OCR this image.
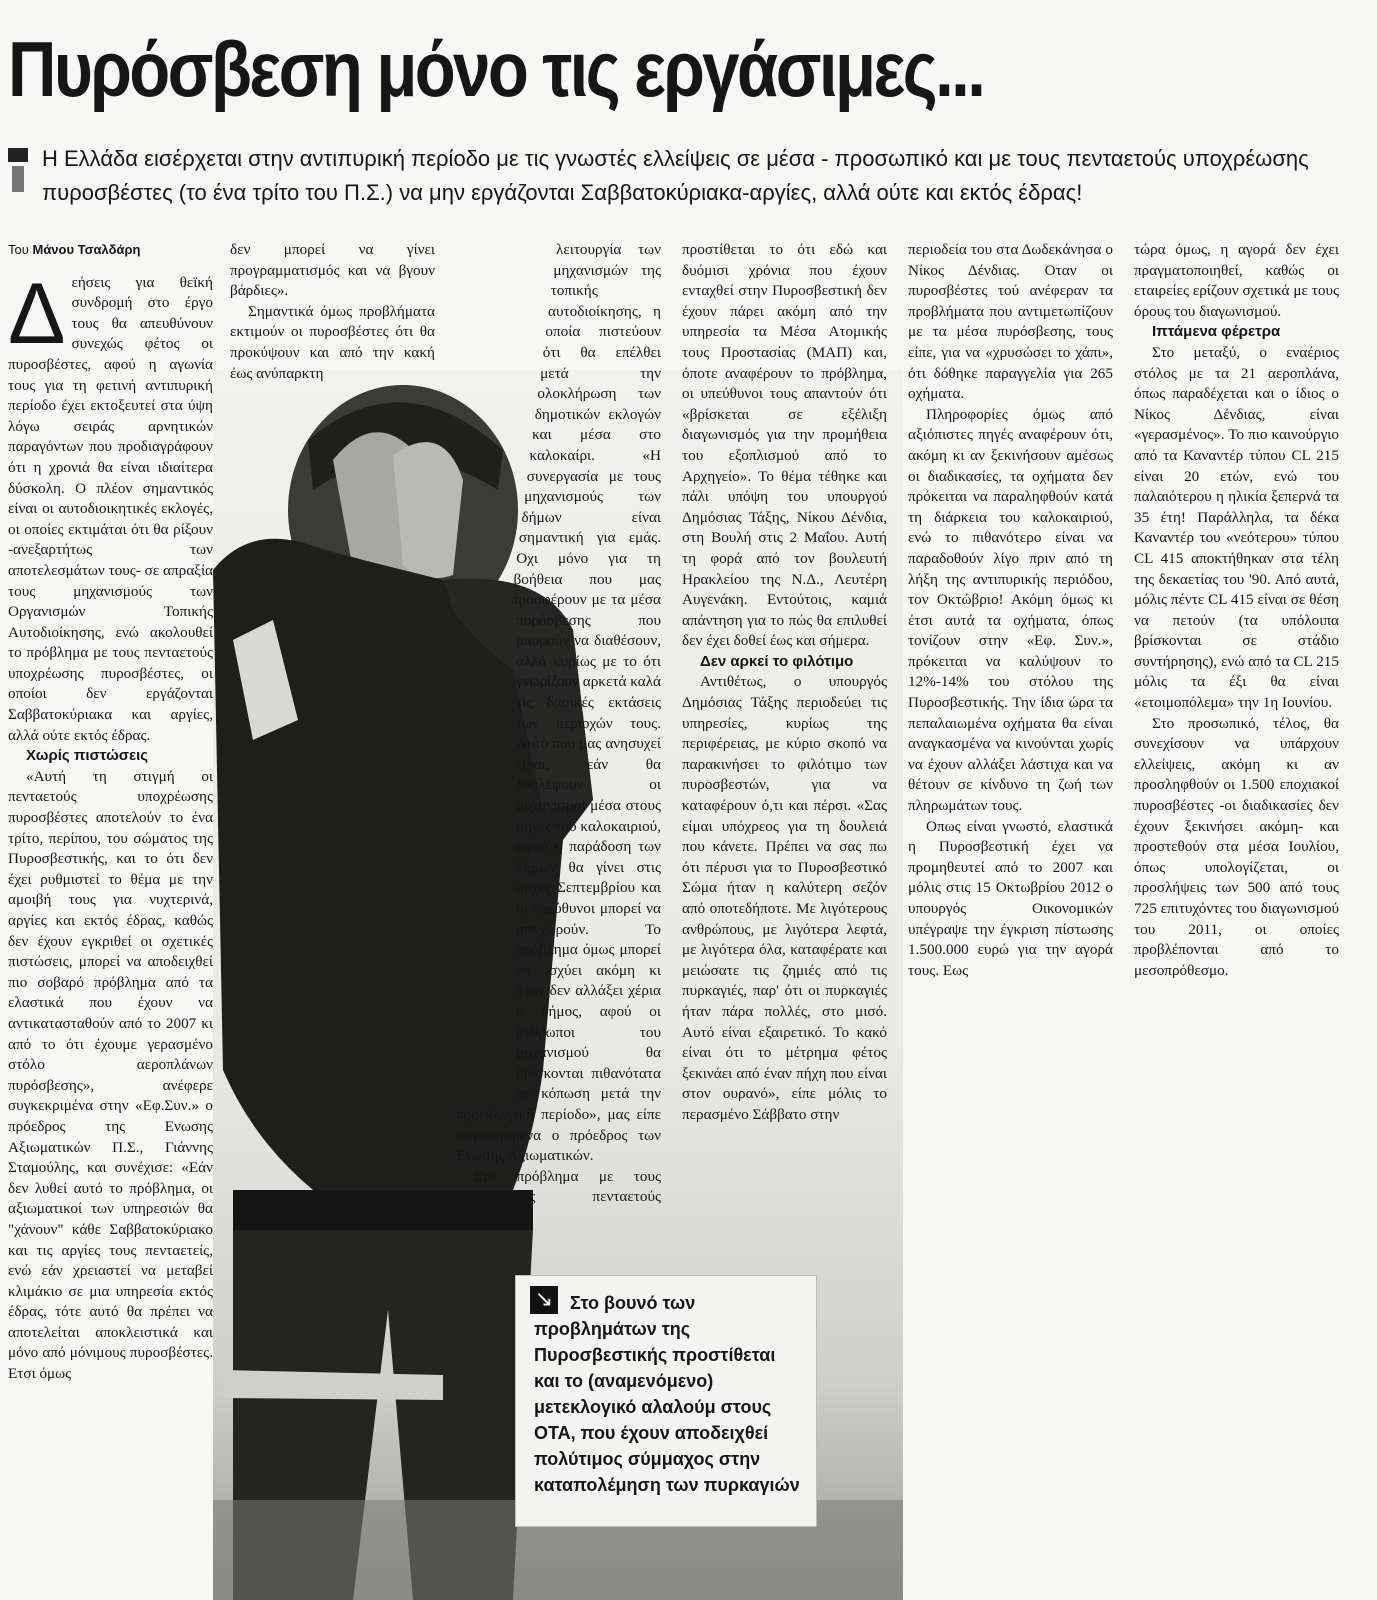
Πυρόσβεση μόνο τις εργάσιμες...

Η Ελλάδα εισέρχεται στην αντιπυρική περίοδο με τις γνωστές ελλείψεις σε μέσα - προσωπικό και με τους πενταετούς υποχρέωσης πυροσβέστες (το ένα τρίτο του Π.Σ.) να μην εργάζονται Σαββατοκύριακα-αργίες, αλλά ούτε και εκτός έδρας!

Του Μάνου Τσαλδάρη
Δ εήσεις για θεϊκή συνδρομή στο έργο τους θα απευθύνουν συνεχώς φέτος οι πυροσβέστες, αφού η αγωνία τους για τη φετινή αντιπυρική περίοδο έχει εκτοξευτεί στα ύψη λόγω σειράς αρνητικών παραγόντων που προδιαγράφουν ότι η χρονιά θα είναι ιδιαίτερα δύσκολη. Ο πλέον σημαντικός είναι οι αυτοδιοικητικές εκλογές, οι οποίες εκτιμάται ότι θα ρίξουν -ανεξαρτήτως των αποτελεσμάτων τους- σε απραξία τους μηχανισμούς των Οργανισμών Τοπικής Αυτοδιοίκησης, ενώ ακολουθεί το πρόβλημα με τους πενταετούς υποχρέωσης πυροσβέστες, οι οποίοι δεν εργάζονται Σαββατοκύριακα και αργίες, αλλά ούτε εκτός έδρας.

Χωρίς πιστώσεις

«Αυτή τη στιγμή οι πενταετούς υποχρέωσης πυροσβέστες αποτελούν το ένα τρίτο, περίπου, του σώματος της Πυροσβεστικής, και το ότι δεν έχει ρυθμιστεί το θέμα με την αμοιβή τους για νυχτερινά, αργίες και εκτός έδρας, καθώς δεν έχουν εγκριθεί οι σχετικές πιστώσεις, μπορεί να αποδειχθεί πιο σοβαρό πρόβλημα από τα ελαστικά που έχουν να αντικατασταθούν από το 2007 κι από το ότι έχουμε γερασμένο στόλο αεροπλάνων πυρόσβεσης», ανέφερε συγκεκριμένα στην «Εφ.Συν.» ο πρόεδρος της Ενωσης Αξιωματικών Π.Σ., Γιάννης Σταμούλης, και συνέχισε: «Εάν δεν λυθεί αυτό το πρόβλημα, οι αξιωματικοί των υπηρεσιών θα "χάνουν" κάθε Σαββατοκύριακο και τις αργίες τους πενταετείς, ενώ εάν χρειαστεί να μεταβεί κλιμάκιο σε μια υπηρεσία εκτός έδρας, τότε αυτό θα πρέπει να αποτελείται αποκλειστικά και μόνο από μόνιμους πυροσβέστες. Ετσι όμως

δεν μπορεί να γίνει προγραμματισμός και να βγουν βάρδιες».

Σημαντικά όμως προβλήματα εκτιμούν οι πυροσβέστες ότι θα προκύψουν και από την κακή έως ανύπαρκτη

λειτουργία των μηχανισμών της τοπικής αυτοδιοίκησης, η οποία πιστεύουν ότι θα επέλθει μετά την ολοκλήρωση των δημοτικών εκλογών και μέσα στο καλοκαίρι. «Η συνεργασία με τους μηχανισμούς των δήμων είναι σημαντική για εμάς. Οχι μόνο για τη βοήθεια που μας προσφέρουν με τα μέσα πυρόσβεσης που μπορούν να διαθέσουν, αλλά κυρίως με το ότι γνωρίζουν αρκετά καλά τις δασικές εκτάσεις των περιοχών τους. Αυτό που μας ανησυχεί είναι, εάν θα δουλέψουν οι μηχανισμοί μέσα στους μήνες του καλοκαιριού, αφού η παράδοση των δήμων θα γίνει στις αρχές Σεπτεμβρίου και οι υπεύθυνοι μπορεί να αποχωρούν. Το πρόβλημα όμως μπορεί να ισχύει ακόμη κι όταν δεν αλλάξει χέρια ο δήμος, αφού οι άνθρωποι του μηχανισμού θα βρίσκονται πιθανότατα σε κόπωση μετά την προεκλογική περίοδο», μας είπε συγκεκριμένα ο πρόεδρος των Ενωσης Αξιωματικών.

Στο πρόβλημα με τους πυροσβέστες πενταετούς υποχρέωσης

προστίθεται το ότι εδώ και δυόμισι χρόνια που έχουν ενταχθεί στην Πυροσβεστική δεν έχουν πάρει ακόμη από την υπηρεσία τα Μέσα Ατομικής τους Προστασίας (ΜΑΠ) και, όποτε αναφέρουν το πρόβλημα, οι υπεύθυνοι τους απαντούν ότι «βρίσκεται σε εξέλιξη διαγωνισμός για την προμήθεια του εξοπλισμού από το Αρχηγείο». Το θέμα τέθηκε και πάλι υπόψη του υπουργού Δημόσιας Τάξης, Νίκου Δένδια, στη Βουλή στις 2 Μαΐου. Αυτή τη φορά από τον βουλευτή Ηρακλείου της Ν.Δ., Λευτέρη Αυγενάκη. Εντούτοις, καμιά απάντηση για το πώς θα επιλυθεί δεν έχει δοθεί έως και σήμερα.

Δεν αρκεί το φιλότιμο

Αντιθέτως, ο υπουργός Δημόσιας Τάξης περιοδεύει τις υπηρεσίες, κυρίως της περιφέρειας, με κύριο σκοπό να παρακινήσει το φιλότιμο των πυροσβεστών, για να καταφέρουν ό,τι και πέρσι. «Σας είμαι υπόχρεος για τη δουλειά που κάνετε. Πρέπει να σας πω ότι πέρυσι για το Πυροσβεστικό Σώμα ήταν η καλύτερη σεζόν από οποτεδήποτε. Με λιγότερους ανθρώπους, με λιγότερα λεφτά, με λιγότερα όλα, καταφέρατε και μειώσατε τις ζημιές από τις πυρκαγιές, παρ' ότι οι πυρκαγιές ήταν πάρα πολλές, στο μισό. Αυτό είναι εξαιρετικό. Το κακό είναι ότι το μέτρημα φέτος ξεκινάει από έναν πήχη που είναι στον ουρανό», είπε μόλις το περασμένο Σάββατο στην

περιοδεία του στα Δωδεκάνησα ο Νίκος Δένδιας. Οταν οι πυροσβέστες τού ανέφεραν τα προβλήματα που αντιμετωπίζουν με τα μέσα πυρόσβεσης, τους είπε, για να «χρυσώσει το χάπι», ότι δόθηκε παραγγελία για 265 οχήματα.

Πληροφορίες όμως από αξιόπιστες πηγές αναφέρουν ότι, ακόμη κι αν ξεκινήσουν αμέσως οι διαδικασίες, τα οχήματα δεν πρόκειται να παραληφθούν κατά τη διάρκεια του καλοκαιριού, ενώ το πιθανότερο είναι να παραδοθούν λίγο πριν από τη λήξη της αντιπυρικής περιόδου, τον Οκτώβριο! Ακόμη όμως κι έτσι αυτά τα οχήματα, όπως τονίζουν στην «Εφ. Συν.», πρόκειται να καλύψουν το 12%-14% του στόλου της Πυροσβεστικής. Την ίδια ώρα τα πεπαλαιωμένα οχήματα θα είναι αναγκασμένα να κινούνται χωρίς να έχουν αλλάξει λάστιχα και να θέτουν σε κίνδυνο τη ζωή των πληρωμάτων τους.

Οπως είναι γνωστό, ελαστικά η Πυροσβεστική έχει να προμηθευτεί από το 2007 και μόλις στις 15 Οκτωβρίου 2012 ο υπουργός Οικονομικών υπέγραψε την έγκριση πίστωσης 1.500.000 ευρώ για την αγορά τους. Εως

τώρα όμως, η αγορά δεν έχει πραγματοποιηθεί, καθώς οι εταιρείες ερίζουν σχετικά με τους όρους του διαγωνισμού.

Ιπτάμενα φέρετρα

Στο μεταξύ, ο εναέριος στόλος με τα 21 αεροπλάνα, όπως παραδέχεται και ο ίδιος ο Νίκος Δένδιας, είναι «γερασμένος». Το πιο καινούργιο από τα Καναντέρ τύπου CL 215 είναι 20 ετών, ενώ του παλαιότερου η ηλικία ξεπερνά τα 35 έτη! Παράλληλα, τα δέκα Καναντέρ του «νεότερου» τύπου CL 415 αποκτήθηκαν στα τέλη της δεκαετίας του '90. Από αυτά, μόλις πέντε CL 415 είναι σε θέση να πετούν (τα υπόλοιπα βρίσκονται σε στάδιο συντήρησης), ενώ από τα CL 215 μόλις τα έξι θα είναι «ετοιμοπόλεμα» την 1η Ιουνίου.

Στο προσωπικό, τέλος, θα συνεχίσουν να υπάρχουν ελλείψεις, ακόμη κι αν προσληφθούν οι 1.500 εποχιακοί πυροσβέστες -οι διαδικασίες δεν έχουν ξεκινήσει ακόμη- και προστεθούν στα μέσα Ιουλίου, όπως υπολογίζεται, οι προσλήψεις των 500 από τους 725 επιτυχόντες του διαγωνισμού του 2011, οι οποίες προβλέπονται από το μεσοπρόθεσμο.

↘ Στο βουνό των προβλημάτων της Πυροσβεστικής προστίθεται και το (αναμενόμενο) μετεκλογικό αλαλούμ στους ΟΤΑ, που έχουν αποδειχθεί πολύτιμος σύμμαχος στην καταπολέμηση των πυρκαγιών
